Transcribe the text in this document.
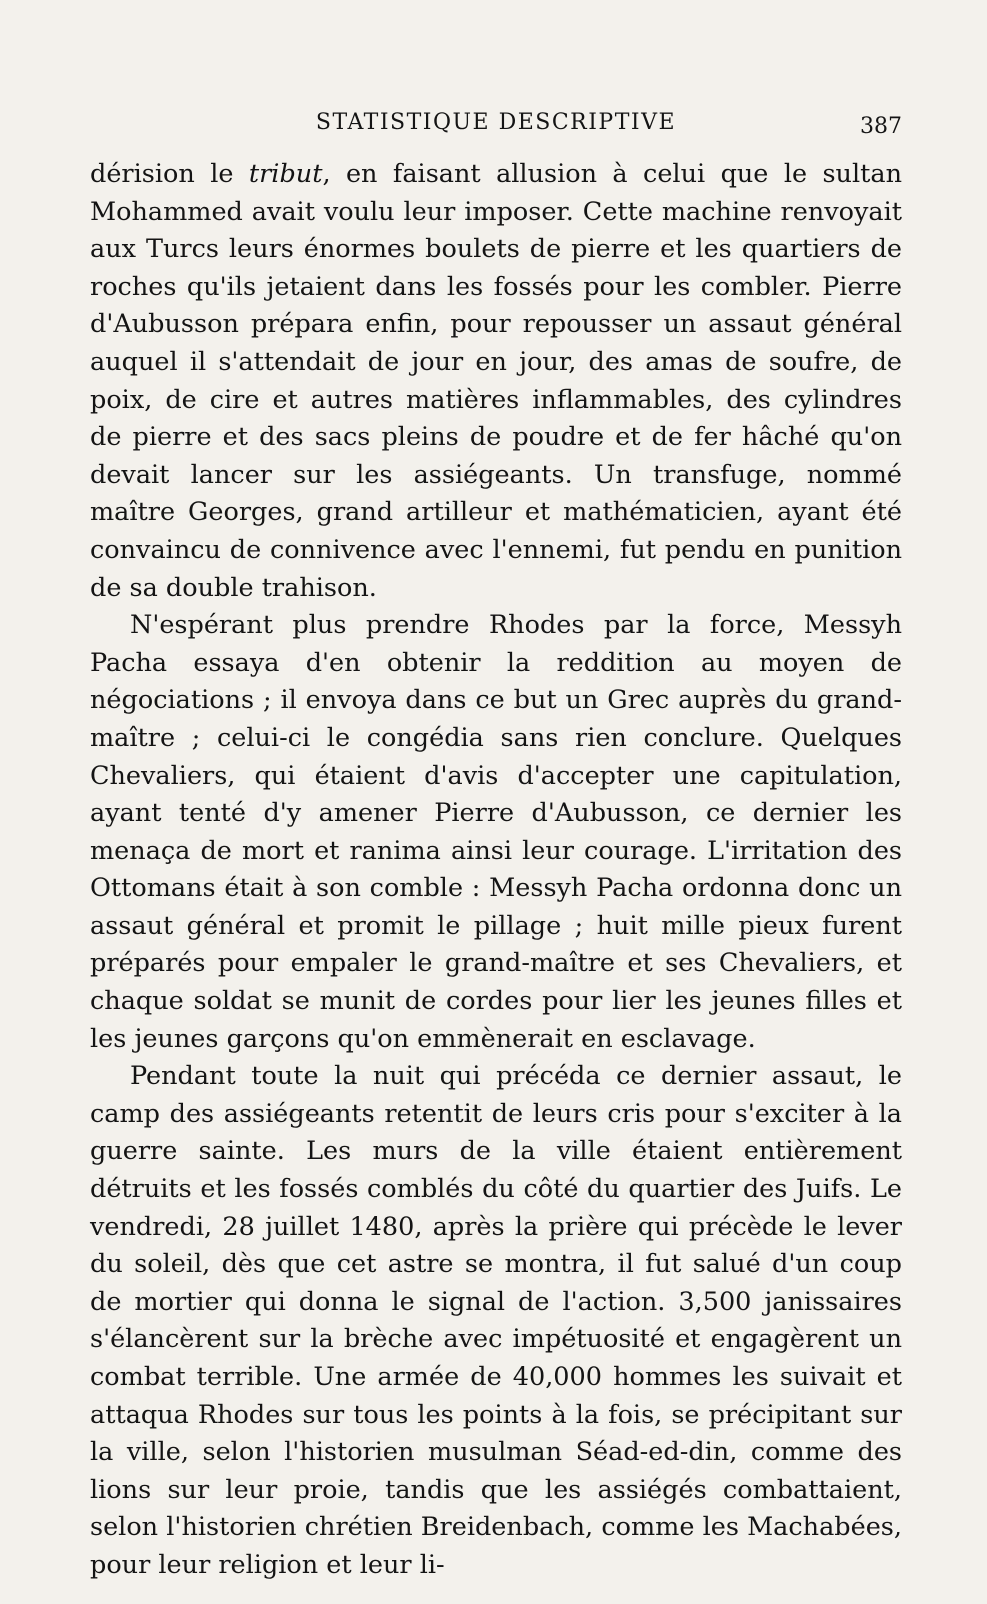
STATISTIQUE DESCRIPTIVE	387

dérision le tribut, en faisant allusion à celui que le sultan Mohammed avait voulu leur imposer. Cette machine renvoyait aux Turcs leurs énormes boulets de pierre et les quartiers de roches qu'ils jetaient dans les fossés pour les combler. Pierre d'Aubusson prépara enfin, pour repousser un assaut général auquel il s'attendait de jour en jour, des amas de soufre, de poix, de cire et autres matières inflammables, des cylindres de pierre et des sacs pleins de poudre et de fer hâché qu'on devait lancer sur les assiégeants. Un transfuge, nommé maître Georges, grand artilleur et mathématicien, ayant été convaincu de connivence avec l'ennemi, fut pendu en punition de sa double trahison.

N'espérant plus prendre Rhodes par la force, Messyh Pacha essaya d'en obtenir la reddition au moyen de négociations ; il envoya dans ce but un Grec auprès du grand-maître ; celui-ci le congédia sans rien conclure. Quelques Chevaliers, qui étaient d'avis d'accepter une capitulation, ayant tenté d'y amener Pierre d'Aubusson, ce dernier les menaça de mort et ranima ainsi leur courage. L'irritation des Ottomans était à son comble : Messyh Pacha ordonna donc un assaut général et promit le pillage ; huit mille pieux furent préparés pour empaler le grand-maître et ses Chevaliers, et chaque soldat se munit de cordes pour lier les jeunes filles et les jeunes garçons qu'on emmènerait en esclavage.

Pendant toute la nuit qui précéda ce dernier assaut, le camp des assiégeants retentit de leurs cris pour s'exciter à la guerre sainte. Les murs de la ville étaient entièrement détruits et les fossés comblés du côté du quartier des Juifs. Le vendredi, 28 juillet 1480, après la prière qui précède le lever du soleil, dès que cet astre se montra, il fut salué d'un coup de mortier qui donna le signal de l'action. 3,500 janissaires s'élancèrent sur la brèche avec impétuosité et engagèrent un combat terrible. Une armée de 40,000 hommes les suivait et attaqua Rhodes sur tous les points à la fois, se précipitant sur la ville, selon l'historien musulman Séad-ed-din, comme des lions sur leur proie, tandis que les assiégés combattaient, selon l'historien chrétien Breidenbach, comme les Machabées, pour leur religion et leur li-
